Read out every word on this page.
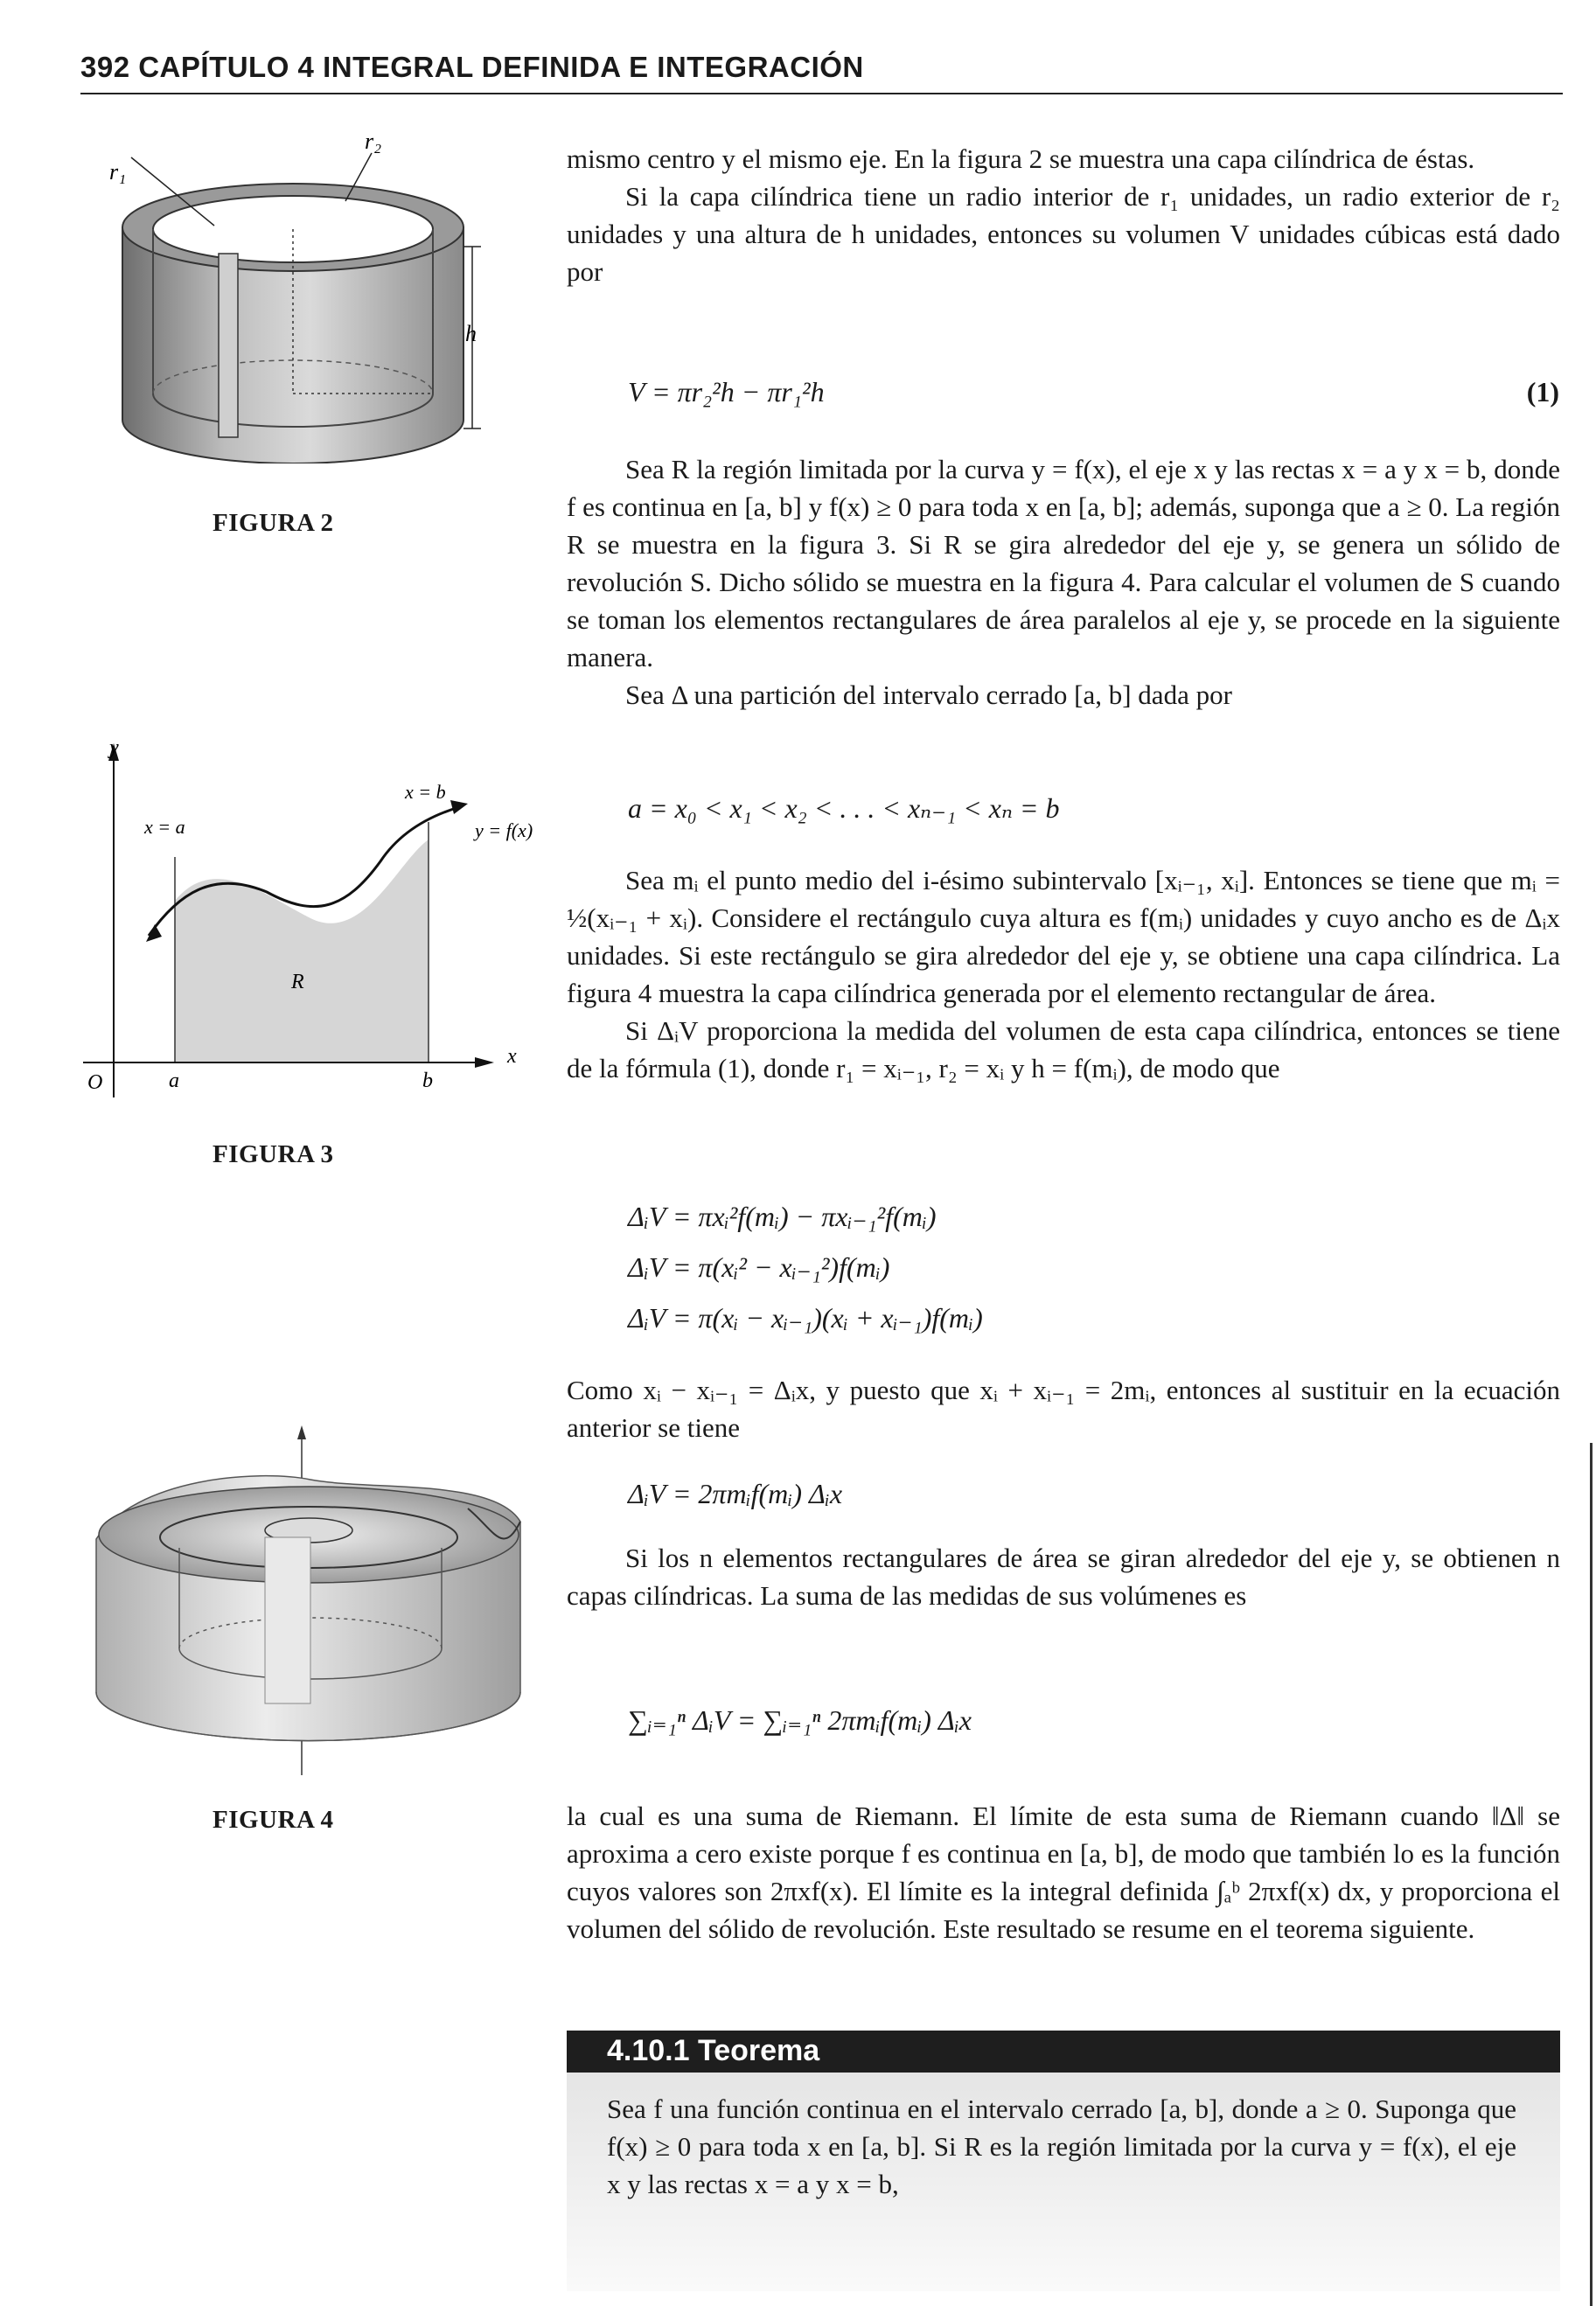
392 CAPÍTULO 4 INTEGRAL DEFINIDA E INTEGRACIÓN
r₁
r₂
h
FIGURA 2
y
x
O	a	b
x = a
x = b
y = f(x)
R
FIGURA 3
FIGURA 4

mismo centro y el mismo eje. En la figura 2 se muestra una capa cilíndrica de éstas.

Si la capa cilíndrica tiene un radio interior de r₁ unidades, un radio exterior de r₂ unidades y una altura de h unidades, entonces su volumen V unidades cúbicas está dado por

V = πr₂²h − πr₁²h	(1)

Sea R la región limitada por la curva y = f(x), el eje x y las rectas x = a y x = b, donde f es continua en [a, b] y f(x) ≥ 0 para toda x en [a, b]; además, suponga que a ≥ 0. La región R se muestra en la figura 3. Si R se gira alrededor del eje y, se genera un sólido de revolución S. Dicho sólido se muestra en la figura 4. Para calcular el volumen de S cuando se toman los elementos rectangulares de área paralelos al eje y, se procede en la siguiente manera.

Sea Δ una partición del intervalo cerrado [a, b] dada por

a = x₀ < x₁ < x₂ < . . . < xₙ₋₁ < xₙ = b

Sea mᵢ el punto medio del i-ésimo subintervalo [xᵢ₋₁, xᵢ]. Entonces se tiene que mᵢ = ½(xᵢ₋₁ + xᵢ). Considere el rectángulo cuya altura es f(mᵢ) unidades y cuyo ancho es de Δᵢx unidades. Si este rectángulo se gira alrededor del eje y, se obtiene una capa cilíndrica. La figura 4 muestra la capa cilíndrica generada por el elemento rectangular de área.

Si ΔᵢV proporciona la medida del volumen de esta capa cilíndrica, entonces se tiene de la fórmula (1), donde r₁ = xᵢ₋₁, r₂ = xᵢ y h = f(mᵢ), de modo que

ΔᵢV = πxᵢ²f(mᵢ) − πxᵢ₋₁²f(mᵢ)
ΔᵢV = π(xᵢ² − xᵢ₋₁²)f(mᵢ)
ΔᵢV = π(xᵢ − xᵢ₋₁)(xᵢ + xᵢ₋₁)f(mᵢ)

Como xᵢ − xᵢ₋₁ = Δᵢx, y puesto que xᵢ + xᵢ₋₁ = 2mᵢ, entonces al sustituir en la ecuación anterior se tiene

ΔᵢV = 2πmᵢf(mᵢ) Δᵢx

Si los n elementos rectangulares de área se giran alrededor del eje y, se obtienen n capas cilíndricas. La suma de las medidas de sus volúmenes es

∑ᵢ₌₁ⁿ ΔᵢV = ∑ᵢ₌₁ⁿ 2πmᵢf(mᵢ) Δᵢx

la cual es una suma de Riemann. El límite de esta suma de Riemann cuando ‖Δ‖ se aproxima a cero existe porque f es continua en [a, b], de modo que también lo es la función cuyos valores son 2πxf(x). El límite es la integral definida ∫ₐᵇ 2πxf(x) dx, y proporciona el volumen del sólido de revolución. Este resultado se resume en el teorema siguiente.

4.10.1 Teorema
Sea f una función continua en el intervalo cerrado [a, b], donde a ≥ 0. Suponga que f(x) ≥ 0 para toda x en [a, b]. Si R es la región limitada por la curva y = f(x), el eje x y las rectas x = a y x = b,
